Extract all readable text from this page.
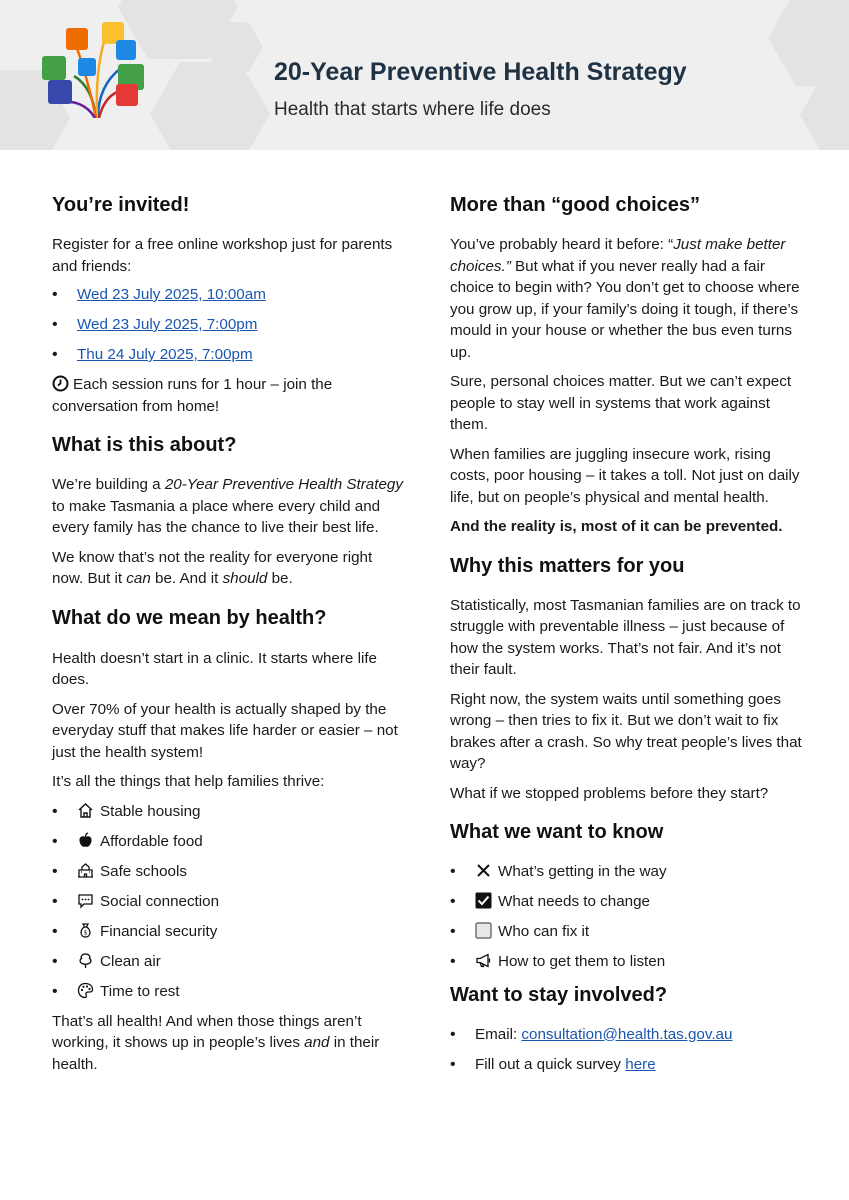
20-Year Preventive Health Strategy
Health that starts where life does
You’re invited!

Register for a free online workshop just for parents and friends:

• Wed 23 July 2025, 10:00am
• Wed 23 July 2025, 7:00pm
• Thu 24 July 2025, 7:00pm

Each session runs for 1 hour – join the conversation from home!

What is this about?

We’re building a 20-Year Preventive Health Strategy to make Tasmania a place where every child and every family has the chance to live their best life.

We know that’s not the reality for everyone right now. But it can be. And it should be.

What do we mean by health?

Health doesn’t start in a clinic. It starts where life does.

Over 70% of your health is actually shaped by the everyday stuff that makes life harder or easier – not just the health system!

It’s all the things that help families thrive:

• Stable housing
• Affordable food
• Safe schools
• Social connection
• $ Financial security
• Clean air
• Time to rest

That’s all health! And when those things aren’t working, it shows up in people’s lives and in their health.

More than “good choices”

You’ve probably heard it before: “Just make better choices.” But what if you never really had a fair choice to begin with? You don’t get to choose where you grow up, if your family’s doing it tough, if there’s mould in your house or whether the bus even turns up.

Sure, personal choices matter. But we can’t expect people to stay well in systems that work against them.

When families are juggling insecure work, rising costs, poor housing – it takes a toll. Not just on daily life, but on people’s physical and mental health.

And the reality is, most of it can be prevented.

Why this matters for you

Statistically, most Tasmanian families are on track to struggle with preventable illness – just because of how the system works. That’s not fair. And it’s not their fault.

Right now, the system waits until something goes wrong – then tries to fix it. But we don’t wait to fix brakes after a crash. So why treat people’s lives that way?

What if we stopped problems before they start?

What we want to know
• What’s getting in the way
• What needs to change
• Who can fix it
• How to get them to listen
Want to stay involved?
• Email: consultation@health.tas.gov.au
• Fill out a quick survey here
